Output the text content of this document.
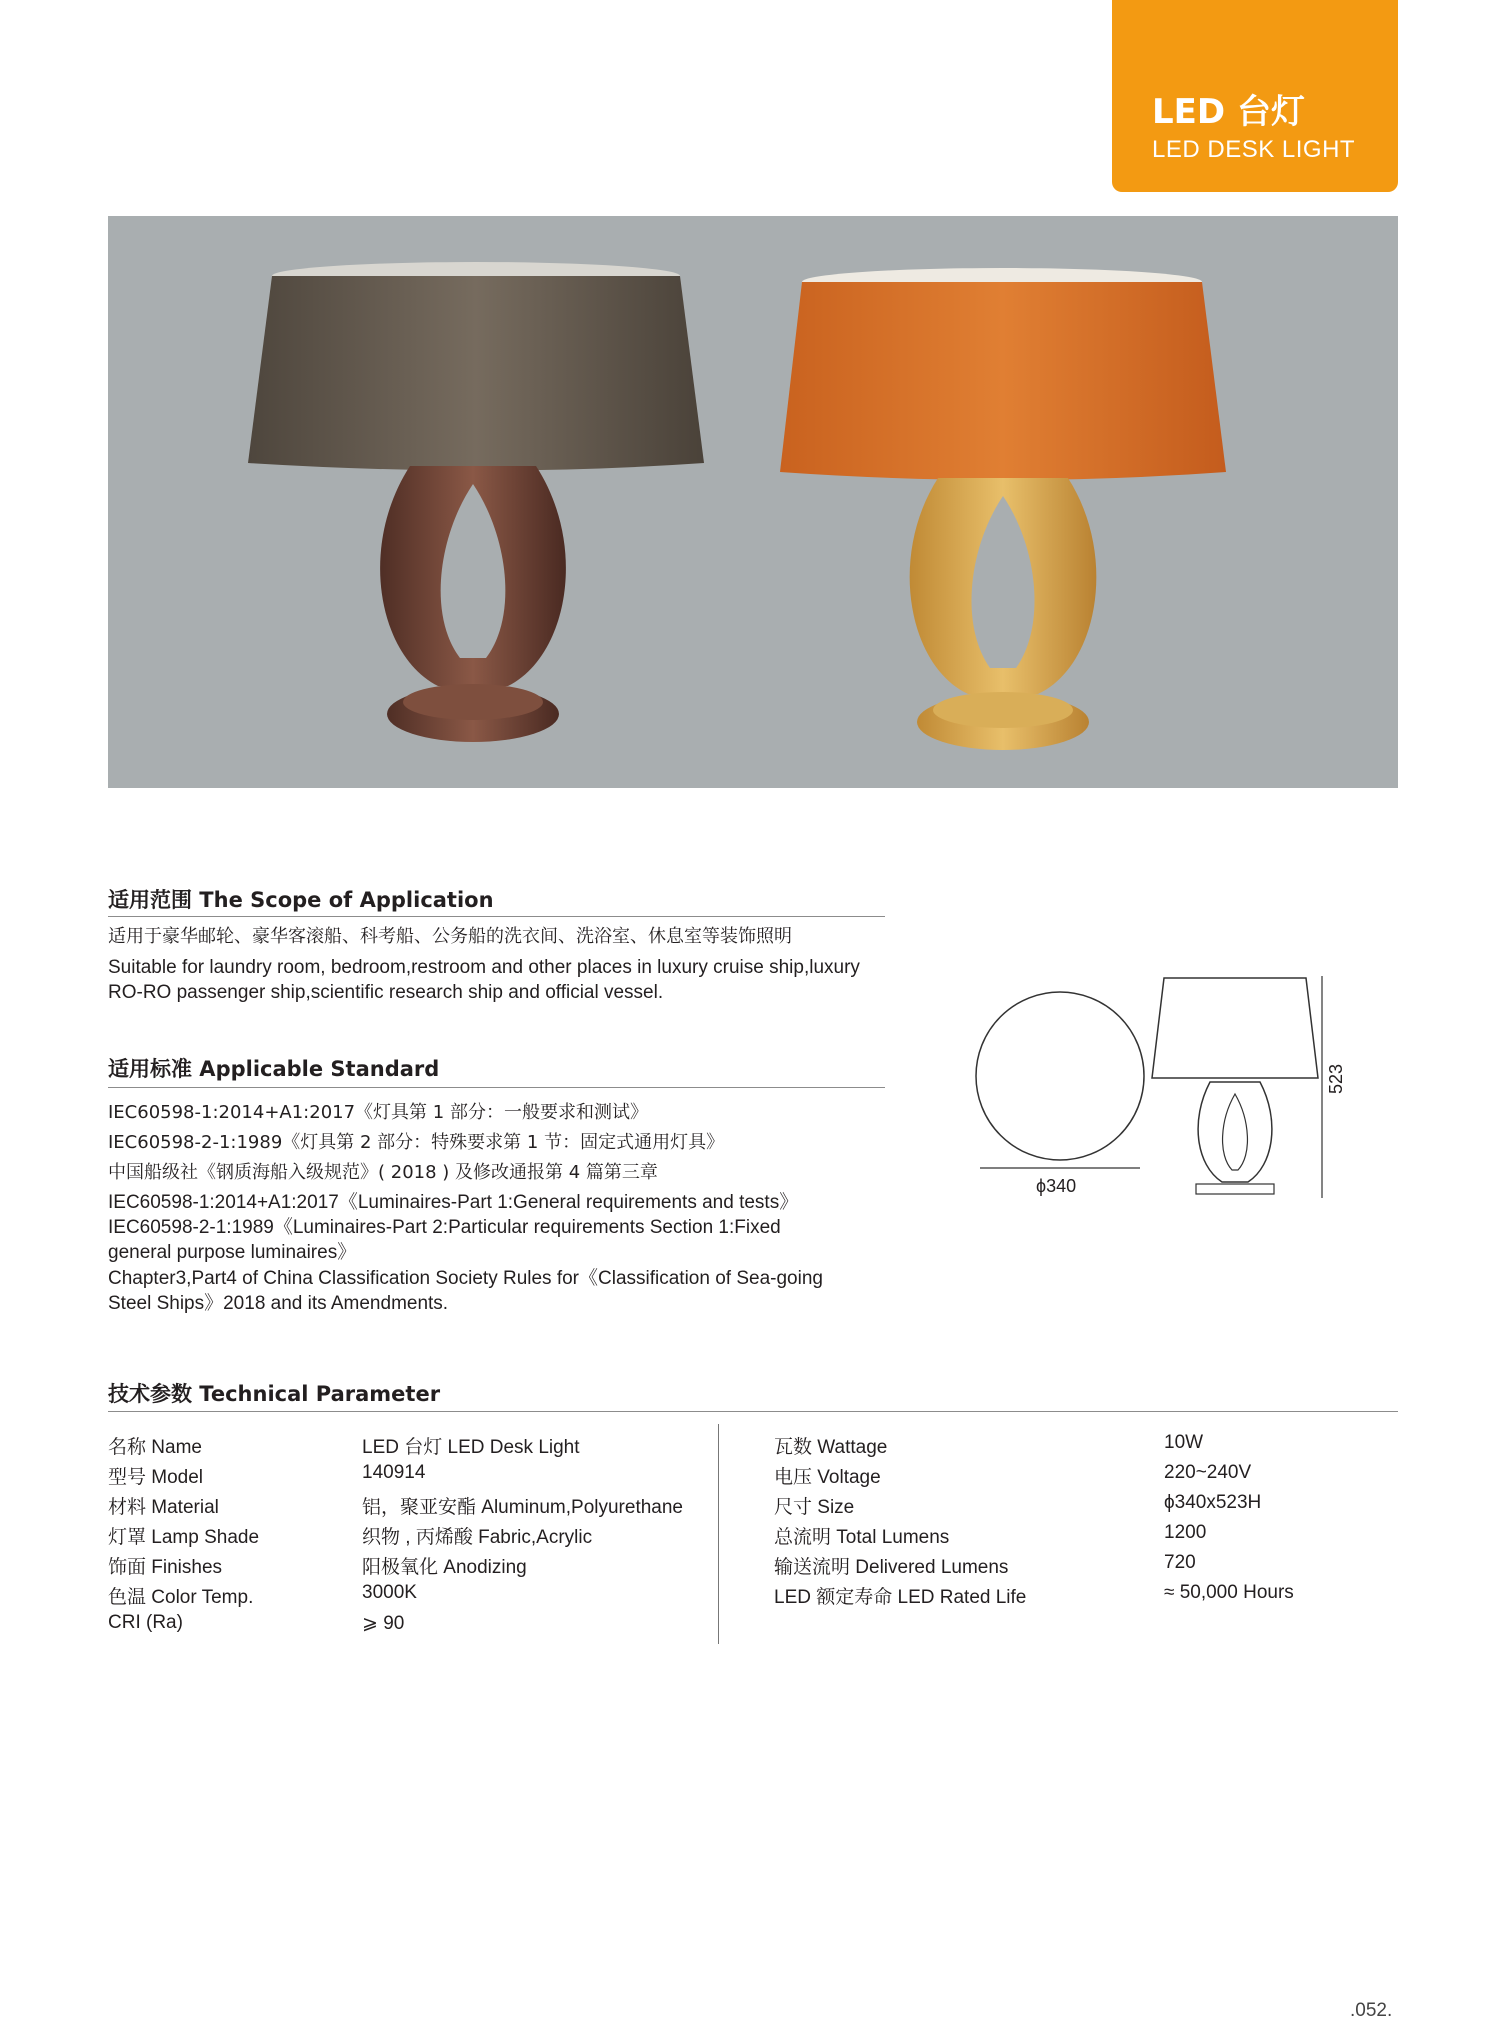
LED 台灯
LED DESK LIGHT
适用范围 The Scope of Application
适用于豪华邮轮、豪华客滚船、科考船、公务船的洗衣间、洗浴室、休息室等装饰照明
Suitable for laundry room, bedroom,restroom and other places in luxury cruise ship,luxury
RO-RO passenger ship,scientific research ship and official vessel.
适用标准 Applicable Standard
IEC60598-1:2014+A1:2017《灯具第 1 部分：一般要求和测试》
IEC60598-2-1:1989《灯具第 2 部分：特殊要求第 1 节：固定式通用灯具》
中国船级社《钢质海船入级规范》( 2018 ) 及修改通报第 4 篇第三章
IEC60598-1:2014+A1:2017《Luminaires-Part 1:General requirements and tests》
IEC60598-2-1:1989《Luminaires-Part 2:Particular requirements Section 1:Fixed
general purpose luminaires》
Chapter3,Part4 of China Classification Society Rules for《Classification of Sea-going
Steel Ships》2018 and its Amendments.
ϕ340
523
技术参数 Technical Parameter
名称 Name	LED 台灯 LED Desk Light
型号 Model	140914
材料 Material	铝，聚亚安酯 Aluminum,Polyurethane
灯罩 Lamp Shade	织物 , 丙烯酸 Fabric,Acrylic
饰面 Finishes	阳极氧化 Anodizing
色温 Color Temp.	3000K
CRI (Ra)	⩾ 90
瓦数 Wattage	10W
电压 Voltage	220~240V
尺寸 Size	ϕ340x523H
总流明 Total Lumens	1200
输送流明 Delivered Lumens	720
LED 额定寿命 LED Rated Life	≈ 50,000 Hours
.052.
